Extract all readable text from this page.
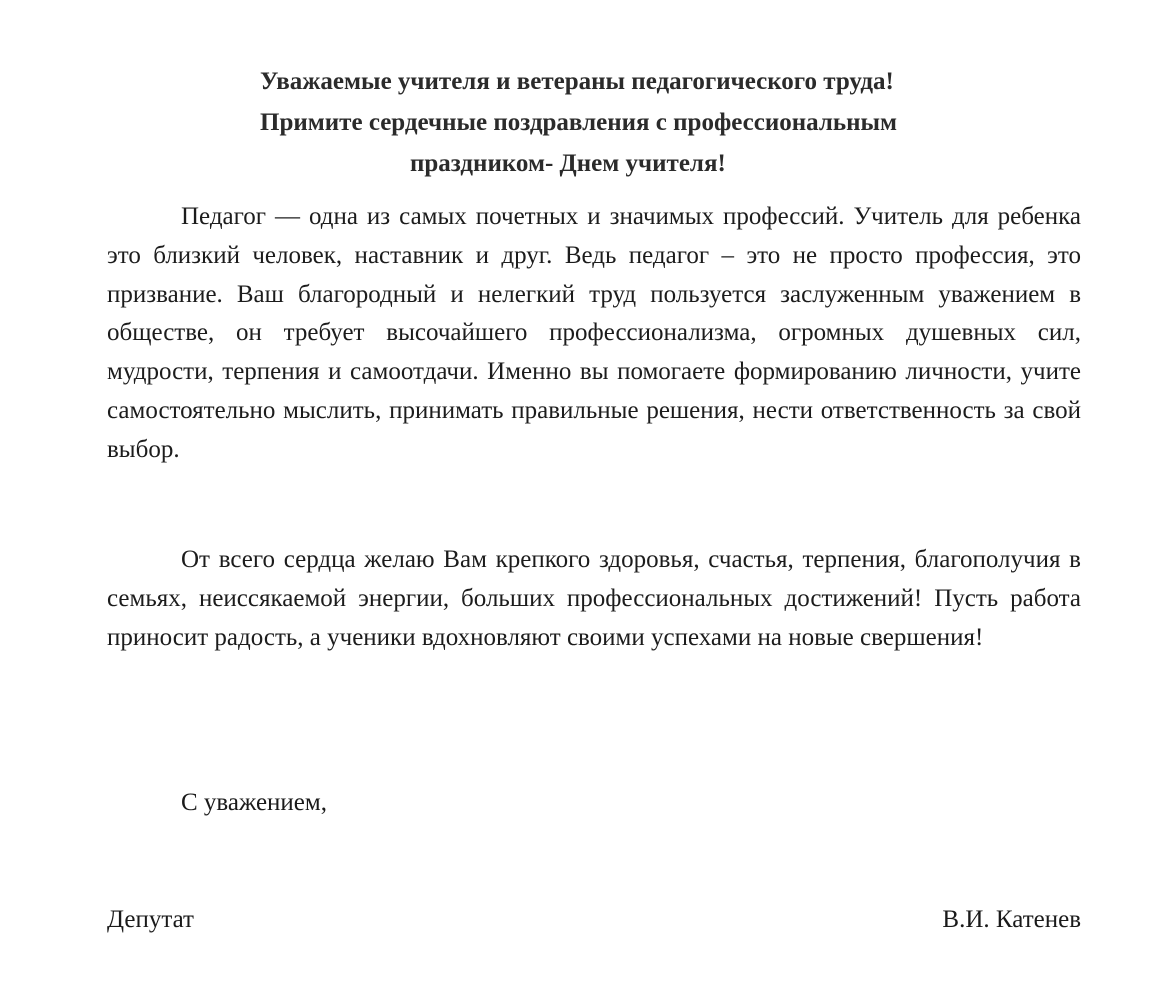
Уважаемые учителя и ветераны педагогического труда!
Примите сердечные поздравления с профессиональным
праздником- Днем учителя!

Педагог — одна из самых почетных и значимых профессий. Учитель для ребенка это близкий человек, наставник и друг. Ведь педагог – это не просто профессия, это призвание. Ваш благородный и нелегкий труд пользуется заслуженным уважением в обществе, он требует высочайшего профессионализма, огромных душевных сил, мудрости, терпения и самоотдачи. Именно вы помогаете формированию личности, учите самостоятельно мыслить, принимать правильные решения, нести ответственность за свой выбор.

От всего сердца желаю Вам крепкого здоровья, счастья, терпения, благополучия в семьях, неиссякаемой энергии, больших профессиональных достижений! Пусть работа приносит радость, а ученики вдохновляют своими успехами на новые свершения!

С уважением,
Депутат	В.И. Катенев
